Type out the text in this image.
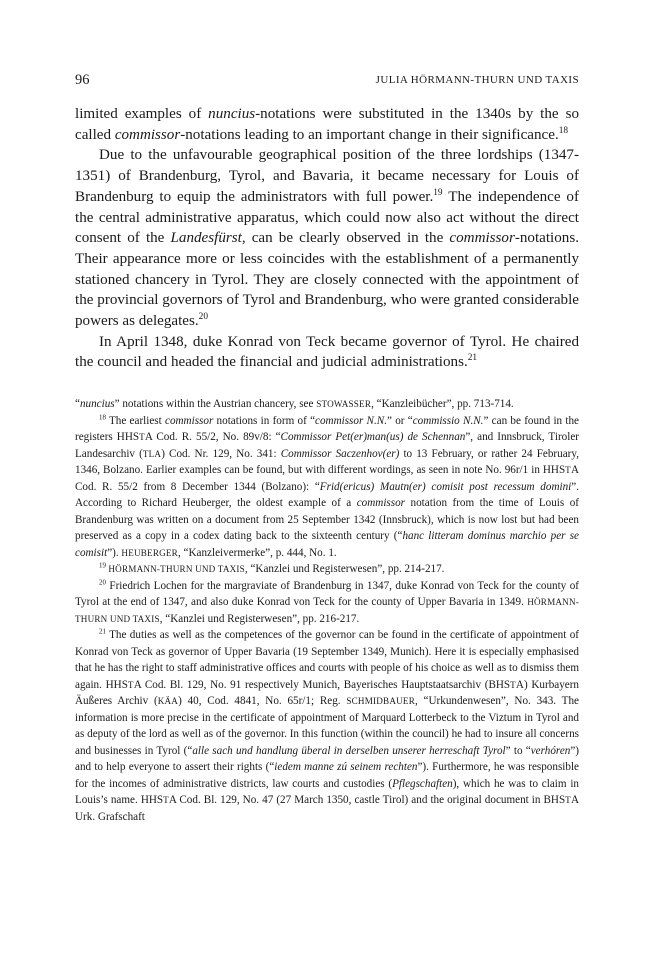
96	JULIA HÖRMANN-THURN UND TAXIS

limited examples of nuncius-notations were substituted in the 1340s by the so called commissor-notations leading to an important change in their significance.$^{18}$

Due to the unfavourable geographical position of the three lordships (1347-1351) of Brandenburg, Tyrol, and Bavaria, it became necessary for Louis of Brandenburg to equip the administrators with full power.$^{19}$ The independence of the central administrative apparatus, which could now also act without the direct consent of the Landesfürst, can be clearly observed in the commissor-notations. Their appearance more or less coincides with the establishment of a permanently stationed chancery in Tyrol. They are closely connected with the appointment of the provincial governors of Tyrol and Brandenburg, who were granted considerable powers as delegates.$^{20}$

In April 1348, duke Konrad von Teck became governor of Tyrol. He chaired the council and headed the financial and judicial administrations.$^{21}$

“nuncius” notations within the Austrian chancery, see STOWASSER, “Kanzleibücher”, pp. 713-714.

$^{18}$ The earliest commissor notations in form of “commissor N.N.” or “commissio N.N.” can be found in the registers HHSTA Cod. R. 55/2, No. 89v/8: “Commissor Pet(er)man(us) de Schennan”, and Innsbruck, Tiroler Landesarchiv (TLA) Cod. Nr. 129, No. 341: Commissor Saczenhov(er) to 13 February, or rather 24 February, 1346, Bolzano. Earlier examples can be found, but with different wordings, as seen in note No. 96r/1 in HHSTA Cod. R. 55/2 from 8 December 1344 (Bolzano): “Frid(ericus) Mautn(er) comisit post recessum domini”. According to Richard Heuberger, the oldest example of a commissor notation from the time of Louis of Brandenburg was written on a document from 25 September 1342 (Innsbruck), which is now lost but had been preserved as a copy in a codex dating back to the sixteenth century (“hanc litteram dominus marchio per se comisit”). HEUBERGER, “Kanzleivermerke”, p. 444, No. 1.

$^{19}$ HÖRMANN-THURN UND TAXIS, “Kanzlei und Registerwesen”, pp. 214-217.

$^{20}$ Friedrich Lochen for the margraviate of Brandenburg in 1347, duke Konrad von Teck for the county of Tyrol at the end of 1347, and also duke Konrad von Teck for the county of Upper Bavaria in 1349. HÖRMANN-THURN UND TAXIS, “Kanzlei und Registerwesen”, pp. 216-217.

$^{21}$ The duties as well as the competences of the governor can be found in the certificate of appointment of Konrad von Teck as governor of Upper Bavaria (19 September 1349, Munich). Here it is especially emphasised that he has the right to staff administrative offices and courts with people of his choice as well as to dismiss them again. HHSTA Cod. Bl. 129, No. 91 respectively Munich, Bayerisches Hauptstaatsarchiv (BHSTA) Kurbayern Äußeres Archiv (KÄA) 40, Cod. 4841, No. 65r/1; Reg. SCHMIDBAUER, “Urkundenwesen”, No. 343. The information is more precise in the certificate of appointment of Marquard Lotterbeck to the Viztum in Tyrol and as deputy of the lord as well as of the governor. In this function (within the council) he had to insure all concerns and businesses in Tyrol (“alle sach und handlung überal in derselben unserer herreschaft Tyrol” to “verhóren”) and to help everyone to assert their rights (“iedem manne zú seinem rechten”). Furthermore, he was responsible for the incomes of administrative districts, law courts and custodies (Pflegschaften), which he was to claim in Louis’s name. HHSTA Cod. Bl. 129, No. 47 (27 March 1350, castle Tirol) and the original document in BHSTA Urk. Grafschaft
